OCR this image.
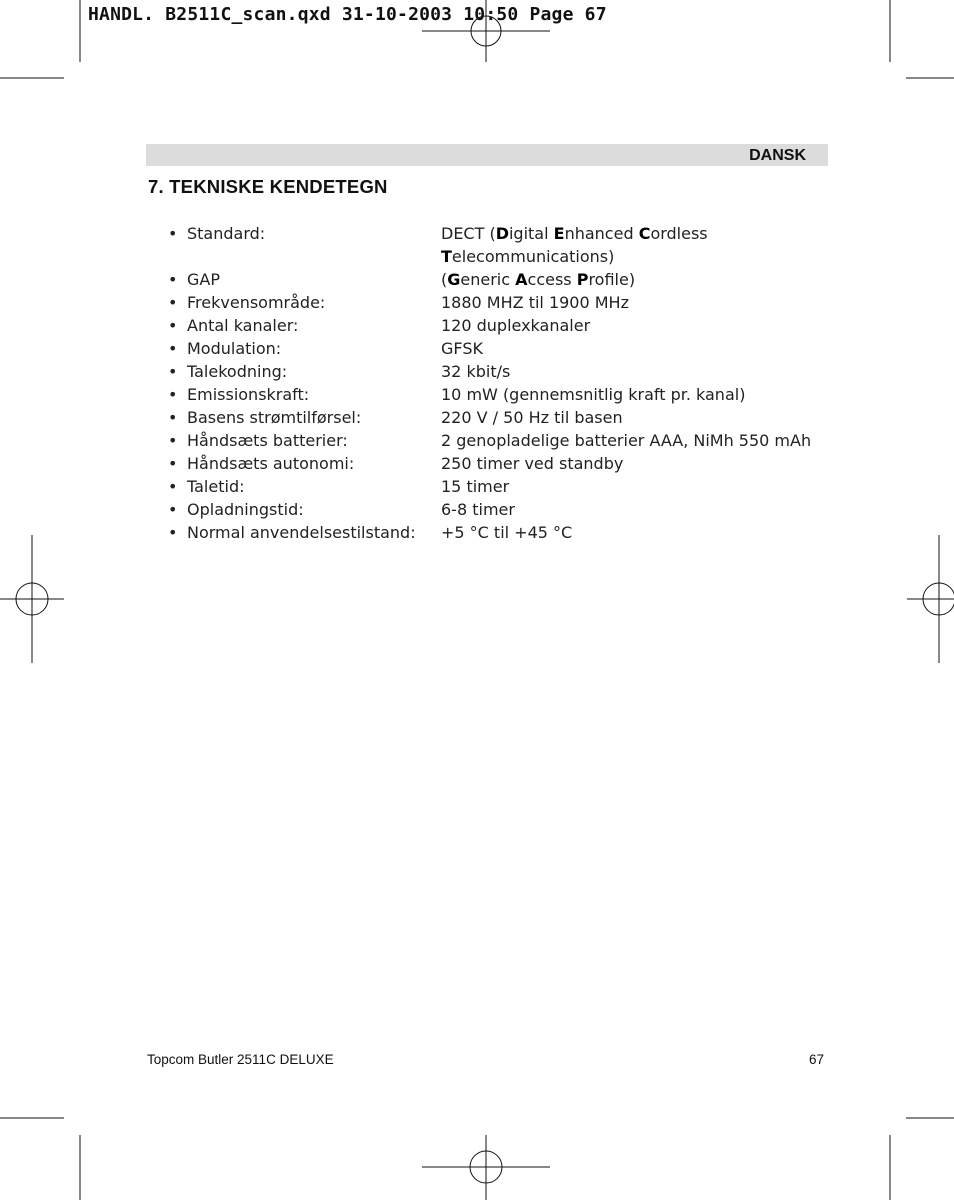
HANDL. B2511C_scan.qxd 31-10-2003 10:50 Page 67
DANSK
7. TEKNISKE KENDETEGN
• Standard:	DECT (Digital Enhanced Cordless Telecommunications)
• GAP	(Generic Access Profile)
• Frekvensområde:	1880 MHZ til 1900 MHz
• Antal kanaler:	120 duplexkanaler
• Modulation:	GFSK
• Talekodning:	32 kbit/s
• Emissionskraft:	10 mW (gennemsnitlig kraft pr. kanal)
• Basens strømtilførsel:	220 V / 50 Hz til basen
• Håndsæts batterier:	2 genopladelige batterier AAA, NiMh 550 mAh
• Håndsæts autonomi:	250 timer ved standby
• Taletid:	15 timer
• Opladningstid:	6-8 timer
• Normal anvendelsestilstand: +5 °C til +45 °C
Topcom Butler 2511C DELUXE	67
